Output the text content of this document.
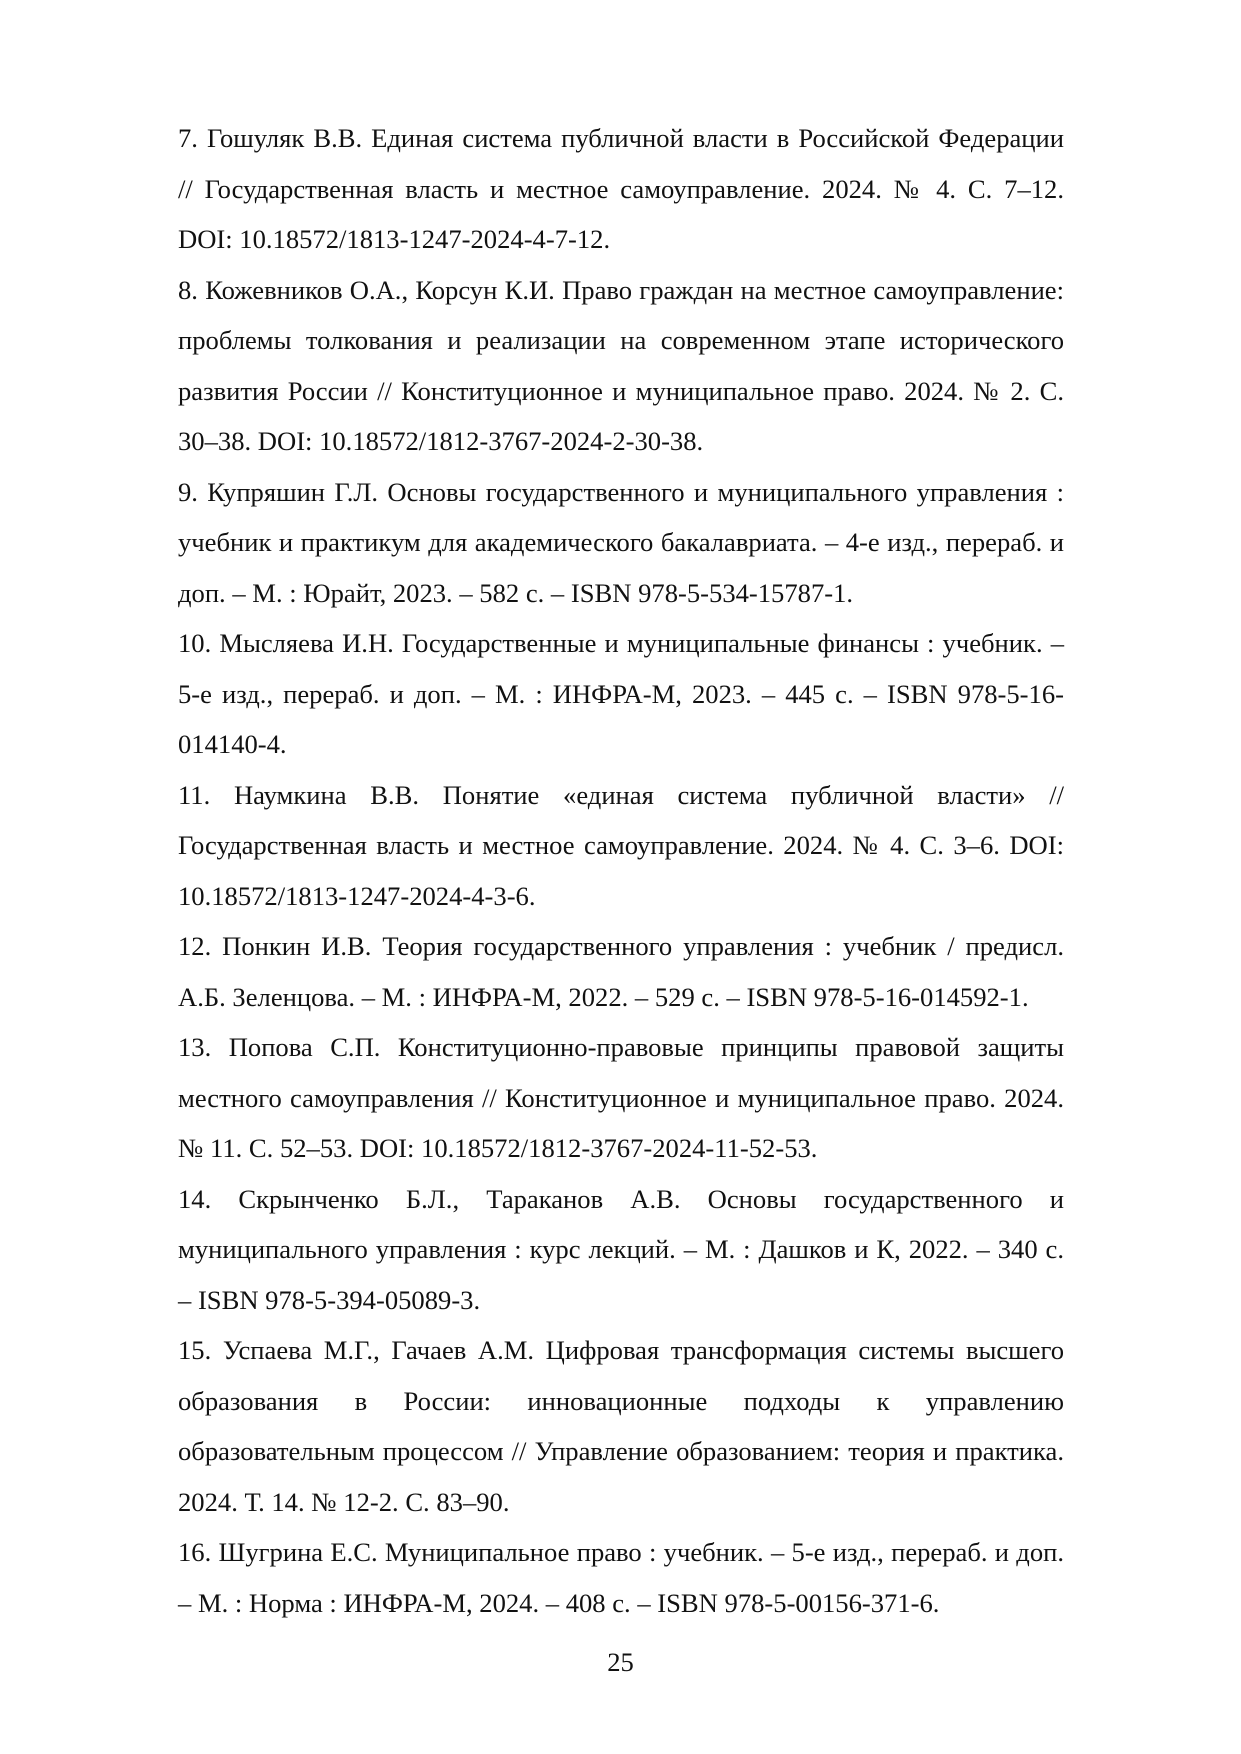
7. Гошуляк В.В. Единая система публичной власти в Российской Федерации // Государственная власть и местное самоуправление. 2024. № 4. С. 7–12. DOI: 10.18572/1813-1247-2024-4-7-12.

8. Кожевников О.А., Корсун К.И. Право граждан на местное самоуправление: проблемы толкования и реализации на современном этапе исторического развития России // Конституционное и муниципальное право. 2024. № 2. С. 30–38. DOI: 10.18572/1812-3767-2024-2-30-38.

9. Купряшин Г.Л. Основы государственного и муниципального управления : учебник и практикум для академического бакалавриата. – 4-е изд., перераб. и доп. – М. : Юрайт, 2023. – 582 с. – ISBN 978-5-534-15787-1.

10. Мысляева И.Н. Государственные и муниципальные финансы : учебник. – 5-е изд., перераб. и доп. – М. : ИНФРА-М, 2023. – 445 с. – ISBN 978-5-16-014140-4.

11. Наумкина В.В. Понятие «единая система публичной власти» // Государственная власть и местное самоуправление. 2024. № 4. С. 3–6. DOI: 10.18572/1813-1247-2024-4-3-6.

12. Понкин И.В. Теория государственного управления : учебник / предисл. А.Б. Зеленцова. – М. : ИНФРА-М, 2022. – 529 с. – ISBN 978-5-16-014592-1.

13. Попова С.П. Конституционно-правовые принципы правовой защиты местного самоуправления // Конституционное и муниципальное право. 2024. № 11. С. 52–53. DOI: 10.18572/1812-3767-2024-11-52-53.

14. Скрынченко Б.Л., Тараканов А.В. Основы государственного и муниципального управления : курс лекций. – М. : Дашков и К, 2022. – 340 с. – ISBN 978-5-394-05089-3.

15. Успаева М.Г., Гачаев А.М. Цифровая трансформация системы высшего образования в России: инновационные подходы к управлению образовательным процессом // Управление образованием: теория и практика. 2024. Т. 14. № 12-2. С. 83–90.

16. Шугрина Е.С. Муниципальное право : учебник. – 5-е изд., перераб. и доп. – М. : Норма : ИНФРА-М, 2024. – 408 с. – ISBN 978-5-00156-371-6.

25
